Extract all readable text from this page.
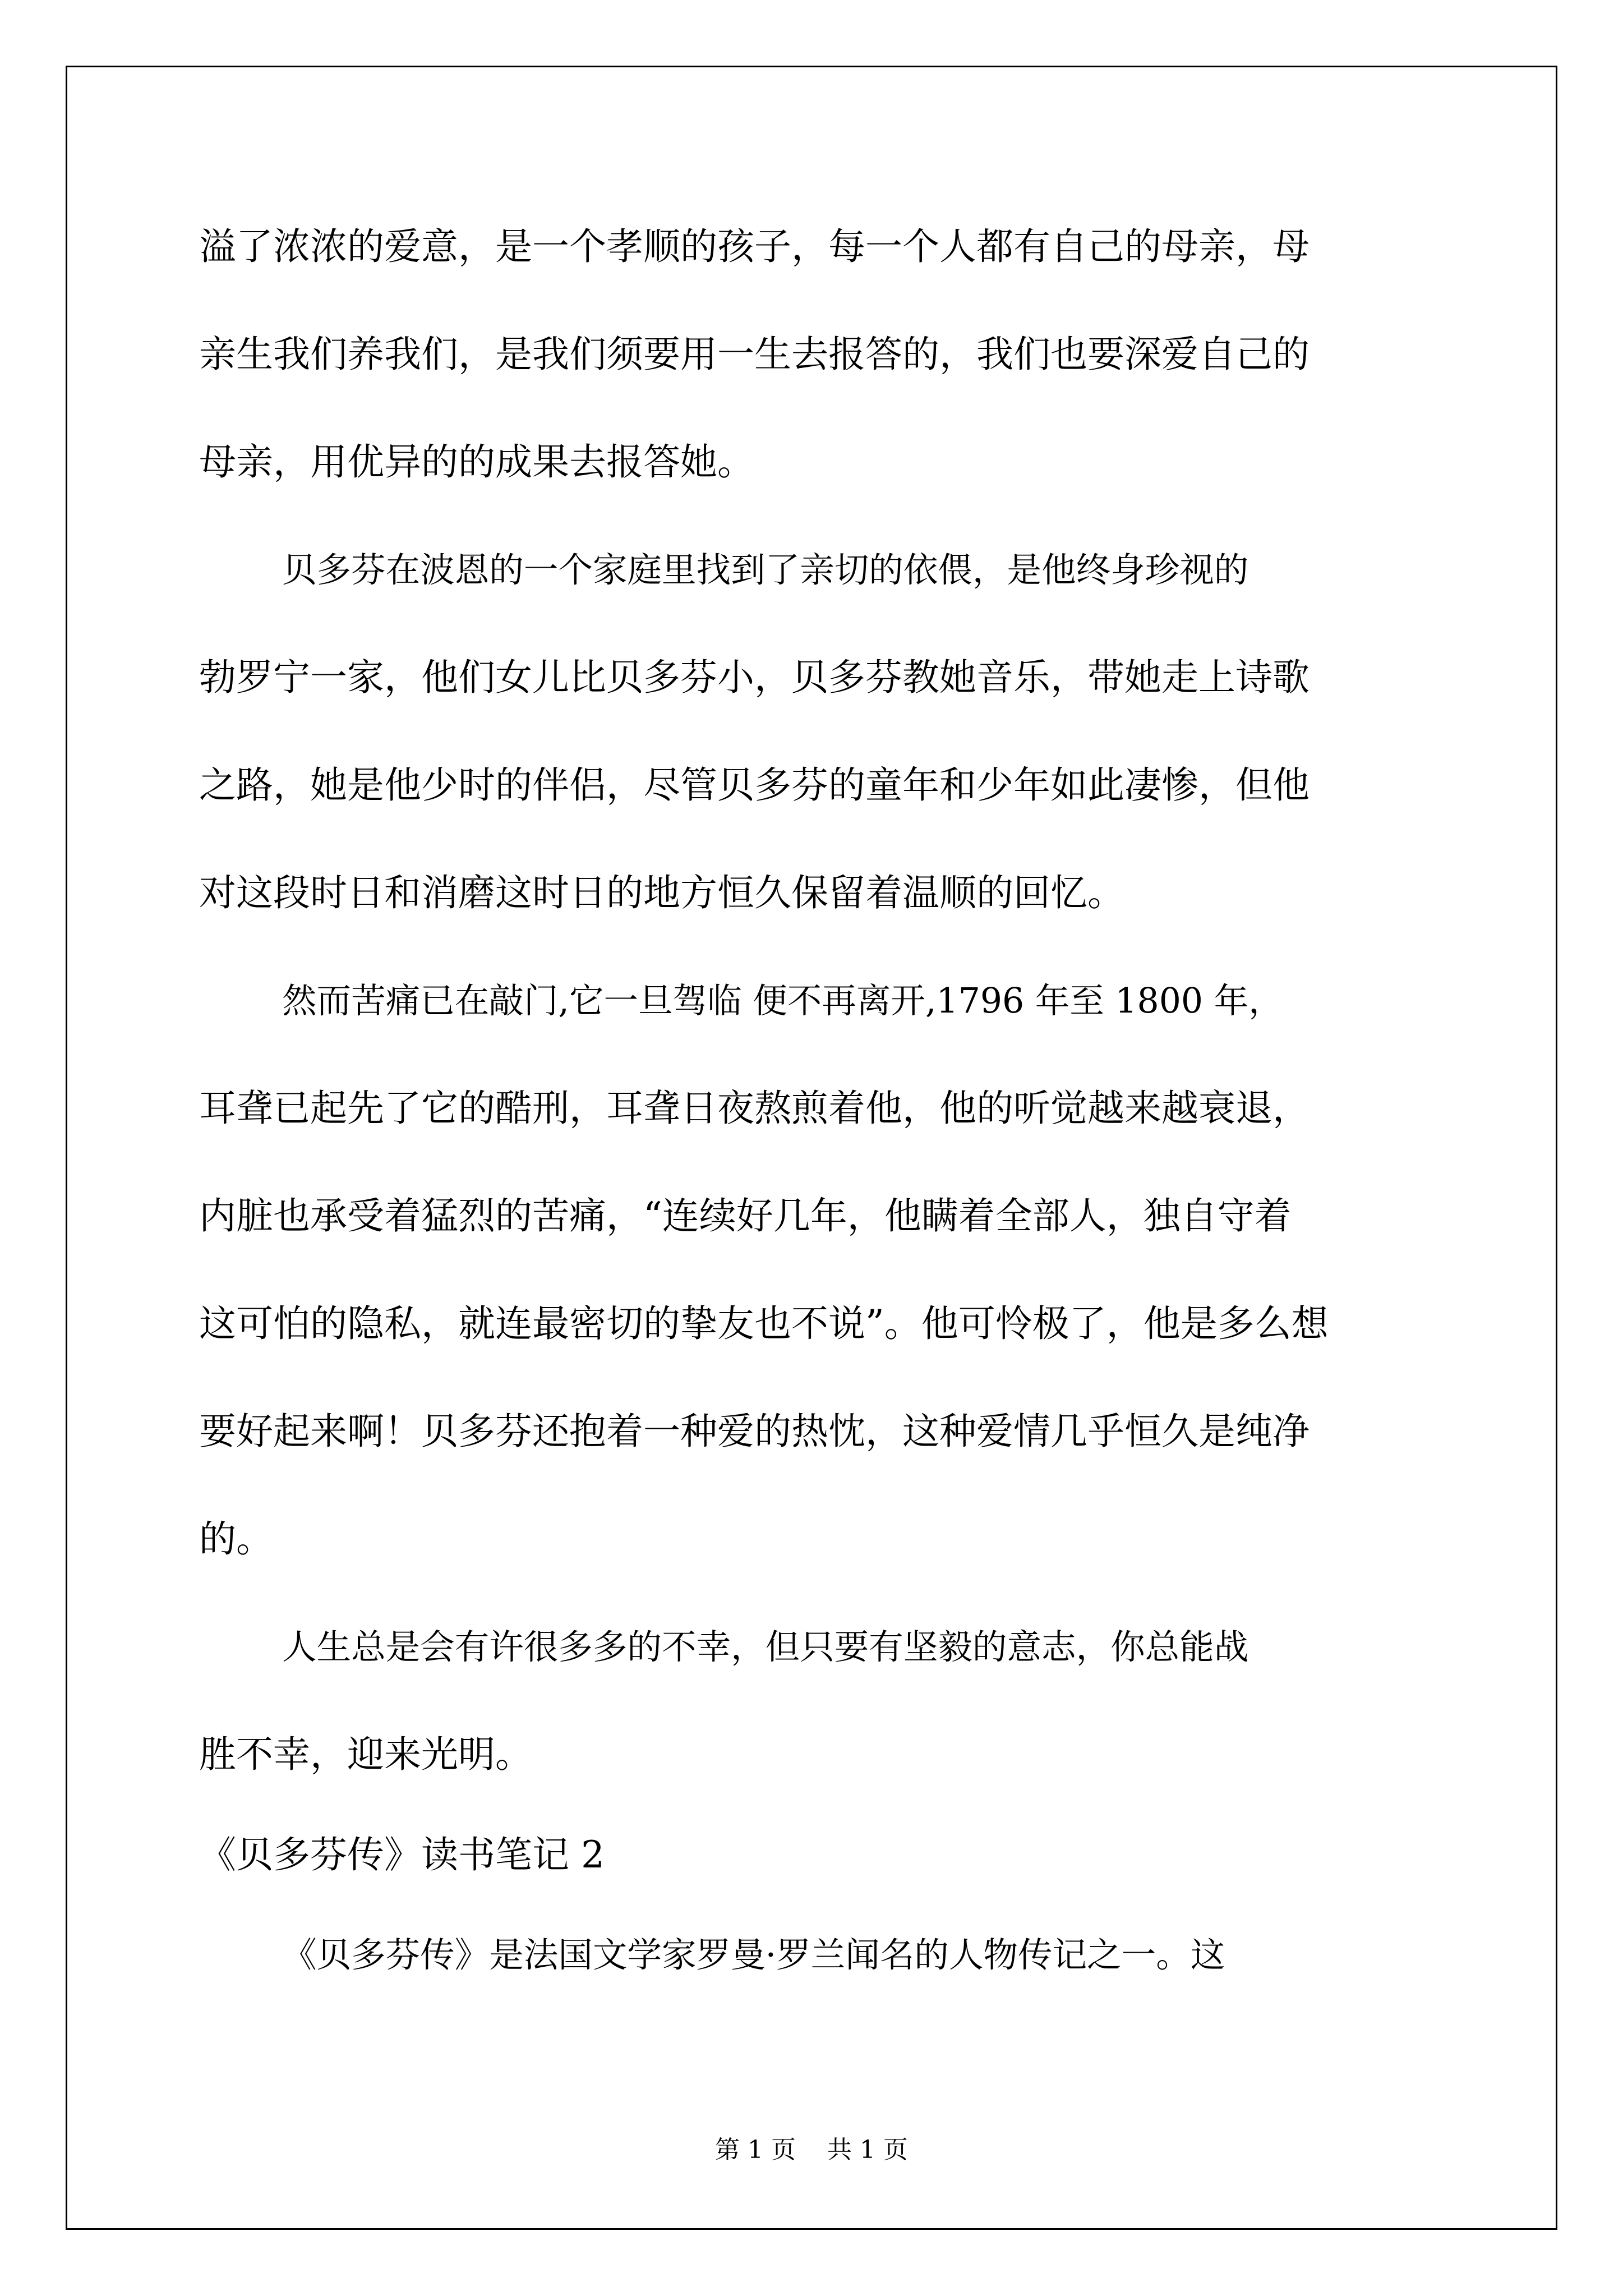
溢了浓浓的爱意，是一个孝顺的孩子，每一个人都有自己的母亲，母
亲生我们养我们，是我们须要用一生去报答的，我们也要深爱自己的
母亲，用优异的的成果去报答她。
贝多芬在波恩的一个家庭里找到了亲切的依偎，是他终身珍视的
勃罗宁一家，他们女儿比贝多芬小，贝多芬教她音乐，带她走上诗歌
之路，她是他少时的伴侣，尽管贝多芬的童年和少年如此凄惨，但他
对这段时日和消磨这时日的地方恒久保留着温顺的回忆。
然而苦痛已在敲门,它一旦驾临 便不再离开,1796 年至 1800 年，
耳聋已起先了它的酷刑，耳聋日夜熬煎着他，他的听觉越来越衰退，
内脏也承受着猛烈的苦痛，“连续好几年，他瞒着全部人，独自守着
这可怕的隐私，就连最密切的挚友也不说”。他可怜极了，他是多么想
要好起来啊！贝多芬还抱着一种爱的热忱，这种爱情几乎恒久是纯净
的。
人生总是会有许很多多的不幸，但只要有坚毅的意志，你总能战
胜不幸，迎来光明。
《贝多芬传》读书笔记 2
《贝多芬传》是法国文学家罗曼·罗兰闻名的人物传记之一。这
第 1 页    共 1 页
